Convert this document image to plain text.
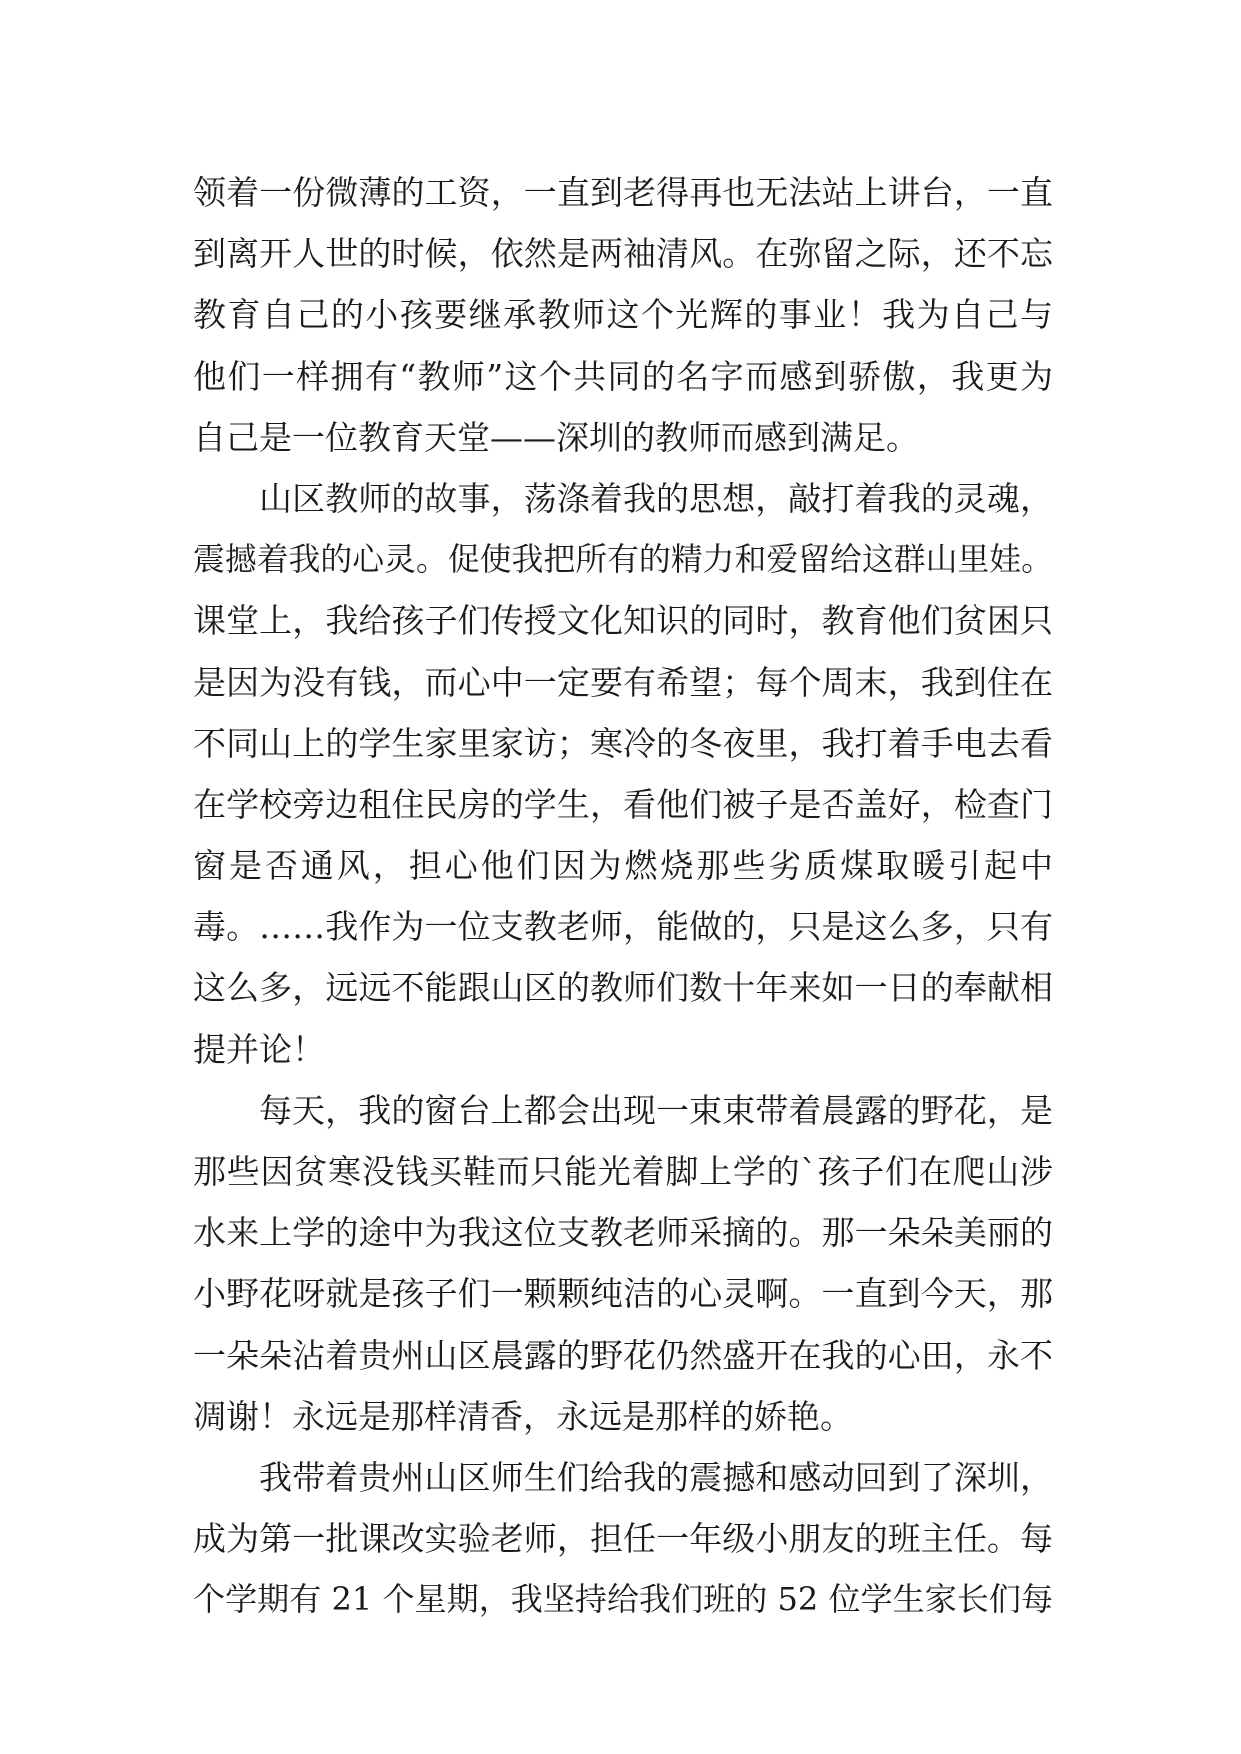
领着一份微薄的工资，一直到老得再也无法站上讲台，一直
到离开人世的时候，依然是两袖清风。在弥留之际，还不忘
教育自己的小孩要继承教师这个光辉的事业！我为自己与
他们一样拥有“教师”这个共同的名字而感到骄傲，我更为
自己是一位教育天堂——深圳的教师而感到满足。
山区教师的故事，荡涤着我的思想，敲打着我的灵魂，
震撼着我的心灵。促使我把所有的精力和爱留给这群山里娃。
课堂上，我给孩子们传授文化知识的同时，教育他们贫困只
是因为没有钱，而心中一定要有希望；每个周末，我到住在
不同山上的学生家里家访；寒冷的冬夜里，我打着手电去看
在学校旁边租住民房的学生，看他们被子是否盖好，检查门
窗是否通风，担心他们因为燃烧那些劣质煤取暖引起中
毒。……我作为一位支教老师，能做的，只是这么多，只有
这么多，远远不能跟山区的教师们数十年来如一日的奉献相
提并论！
每天，我的窗台上都会出现一束束带着晨露的野花，是
那些因贫寒没钱买鞋而只能光着脚上学的`孩子们在爬山涉
水来上学的途中为我这位支教老师采摘的。那一朵朵美丽的
小野花呀就是孩子们一颗颗纯洁的心灵啊。一直到今天，那
一朵朵沾着贵州山区晨露的野花仍然盛开在我的心田，永不
凋谢！永远是那样清香，永远是那样的娇艳。
我带着贵州山区师生们给我的震撼和感动回到了深圳，
成为第一批课改实验老师，担任一年级小朋友的班主任。每
个学期有 21 个星期，我坚持给我们班的 52 位学生家长们每
